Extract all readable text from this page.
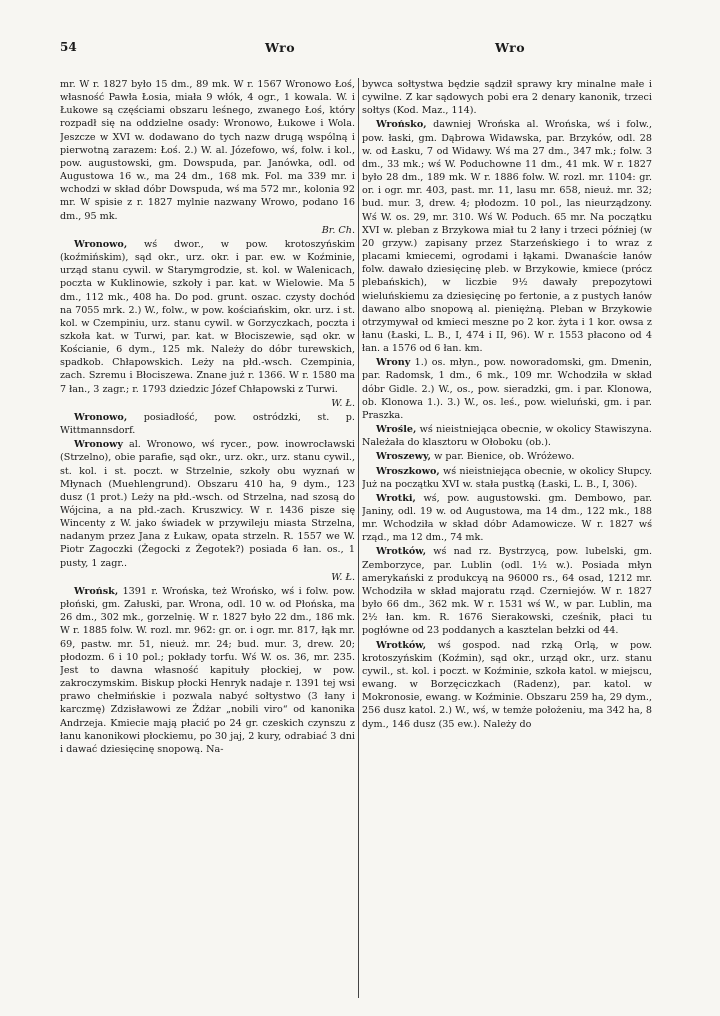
54	Wro	Wro

mr. W r. 1827 było 15 dm., 89 mk. W r. 1567 Wronowo Łoś, własność Pawła Łosia, miała 9 włók, 4 ogr., 1 kowala. W. i Łukowe są częściami obszaru leśnego, zwanego Łoś, który rozpadł się na oddzielne osady: Wronowo, Łukowe i Wola. Jeszcze w XVI w. dodawano do tych nazw drugą wspólną i pierwotną zarazem: Łoś. 2.) W. al. Józefowo, wś, folw. i kol., pow. augustowski, gm. Dowspuda, par. Janówka, odl. od Augustowa 16 w., ma 24 dm., 168 mk. Fol. ma 339 mr. i wchodzi w skład dóbr Dowspuda, wś ma 572 mr., kolonia 92 mr. W spisie z r. 1827 mylnie nazwany Wrowo, podano 16 dm., 95 mk.

Br. Ch.

Wronowo, wś dwor., w pow. krotoszyńskim (koźmińskim), sąd okr., urz. okr. i par. ew. w Koźminie, urząd stanu cywil. w Starymgrodzie, st. kol. w Walenicach, poczta w Kuklinowie, szkoły i par. kat. w Wielowie. Ma 5 dm., 112 mk., 408 ha. Do pod. grunt. oszac. czysty dochód na 7055 mrk. 2.) W., folw., w pow. kościańskim, okr. urz. i st. kol. w Czempiniu, urz. stanu cywil. w Gorzyczkach, poczta i szkoła kat. w Turwi, par. kat. w Błociszewie, sąd okr. w Kościanie, 6 dym., 125 mk. Należy do dóbr turewskich, spadkob. Chłapowskich. Leży na płd.-wsch. Czempinia, zach. Szremu i Błociszewa. Znane już r. 1366. W r. 1580 ma 7 łan., 3 zagr.; r. 1793 dziedzic Józef Chłapowski z Turwi.

W. Ł.

Wronowo, posiadłość, pow. ostródzki, st. p. Wittmannsdorf.

Wronowy al. Wronowo, wś rycer., pow. inowrocławski (Strzelno), obie parafie, sąd okr., urz. okr., urz. stanu cywil., st. kol. i st. poczt. w Strzelnie, szkoły obu wyznań w Młynach (Muehlengrund). Obszaru 410 ha, 9 dym., 123 dusz (1 prot.) Leży na płd.-wsch. od Strzelna, nad szosą do Wójcina, a na płd.-zach. Kruszwicy. W r. 1436 pisze się Wincenty z W. jako świadek w przywileju miasta Strzelna, nadanym przez Jana z Łukaw, opata strzeln. R. 1557 we W. Piotr Zagoczki (Żegocki z Żegotek?) posiada 6 łan. os., 1 pusty, 1 zagr..

W. Ł.

Wrońsk, 1391 r. Wrońska, też Wrońsko, wś i folw. pow. płoński, gm. Załuski, par. Wrona, odl. 10 w. od Płońska, ma 26 dm., 302 mk., gorzelnię. W r. 1827 było 22 dm., 186 mk. W r. 1885 folw. W. rozl. mr. 962: gr. or. i ogr. mr. 817, łąk mr. 69, pastw. mr. 51, nieuż. mr. 24; bud. mur. 3, drew. 20; płodozm. 6 i 10 pol.; pokłady torfu. Wś W. os. 36, mr. 235. Jest to dawna własność kapituły płockiej, w pow. zakroczymskim. Biskup płocki Henryk nadaje r. 1391 tej wsi prawo chełmińskie i pozwala nabyć sołtystwo (3 łany i karczmę) Zdzisławowi ze Żdżar „nobili viro“ od kanonika Andrzeja. Kmiecie mają płacić po 24 gr. czeskich czynszu z łanu kanonikowi płockiemu, po 30 jaj, 2 kury, odrabiać 3 dni i dawać dziesięcinę snopową. Na-

bywca sołtystwa będzie sądził sprawy kry minalne małe i cywilne. Z kar sądowych pobi era 2 denary kanonik, trzeci sołtys (Kod. Maz., 114).

Wrońsko, dawniej Wrońska al. Wrońska, wś i folw., pow. łaski, gm. Dąbrowa Widawska, par. Brzyków, odl. 28 w. od Łasku, 7 od Widawy. Wś ma 27 dm., 347 mk.; folw. 3 dm., 33 mk.; wś W. Poduchowne 11 dm., 41 mk. W r. 1827 było 28 dm., 189 mk. W r. 1886 folw. W. rozl. mr. 1104: gr. or. i ogr. mr. 403, past. mr. 11, lasu mr. 658, nieuż. mr. 32; bud. mur. 3, drew. 4; płodozm. 10 pol., las nieurządzony. Wś W. os. 29, mr. 310. Wś W. Poduch. 65 mr. Na początku XVI w. pleban z Brzykowa miał tu 2 łany i trzeci później (w 20 grzyw.) zapisany przez Starzeńskiego i to wraz z placami kmiecemi, ogrodami i łąkami. Dwanaście łanów folw. dawało dziesięcinę pleb. w Brzykowie, kmiece (prócz plebańskich), w liczbie 9½ dawały prepozytowi wieluńskiemu za dziesięcinę po fertonie, a z pustych łanów dawano albo snopową al. pieniężną. Pleban w Brzykowie otrzymywał od kmieci meszne po 2 kor. żyta i 1 kor. owsa z łanu (Łaski, L. B., I, 474 i II, 96). W r. 1553 płacono od 4 łan. a 1576 od 6 łan. km.

Wrony 1.) os. młyn., pow. noworadomski, gm. Dmenin, par. Radomsk, 1 dm., 6 mk., 109 mr. Wchodziła w skład dóbr Gidle. 2.) W., os., pow. sieradzki, gm. i par. Klonowa, ob. Klonowa 1.). 3.) W., os. leś., pow. wieluński, gm. i par. Praszka.

Wrośle, wś nieistniejąca obecnie, w okolicy Stawiszyna. Należała do klasztoru w Ołoboku (ob.).

Wroszewy, w par. Bienice, ob. Wróżewo.

Wroszkowo, wś nieistniejąca obecnie, w okolicy Słupcy. Już na początku XVI w. stała pustką (Łaski, L. B., I, 306).

Wrotki, wś, pow. augustowski. gm. Dembowo, par. Janiny, odl. 19 w. od Augustowa, ma 14 dm., 122 mk., 188 mr. Wchodziła w skład dóbr Adamowicze. W r. 1827 wś rząd., ma 12 dm., 74 mk.

Wrotków, wś nad rz. Bystrzycą, pow. lubelski, gm. Zemborzyce, par. Lublin (odl. 1½ w.). Posiada młyn amerykański z produkcyą na 96000 rs., 64 osad, 1212 mr. Wchodziła w skład majoratu rząd. Czerniejów. W r. 1827 było 66 dm., 362 mk. W r. 1531 wś W., w par. Lublin, ma 2½ łan. km. R. 1676 Sierakowski, cześnik, płaci tu pogłówne od 23 poddanych a kasztelan bełzki od 44.

Wrotków, wś gospod. nad rzką Orlą, w pow. krotoszyńskim (Koźmin), sąd okr., urząd okr., urz. stanu cywil., st. kol. i poczt. w Koźminie, szkoła katol. w miejscu, ewang. w Borzęciczkach (Radenz), par. katol. w Mokronosie, ewang. w Koźminie. Obszaru 259 ha, 29 dym., 256 dusz katol. 2.) W., wś, w temże położeniu, ma 342 ha, 8 dym., 146 dusz (35 ew.). Należy do
